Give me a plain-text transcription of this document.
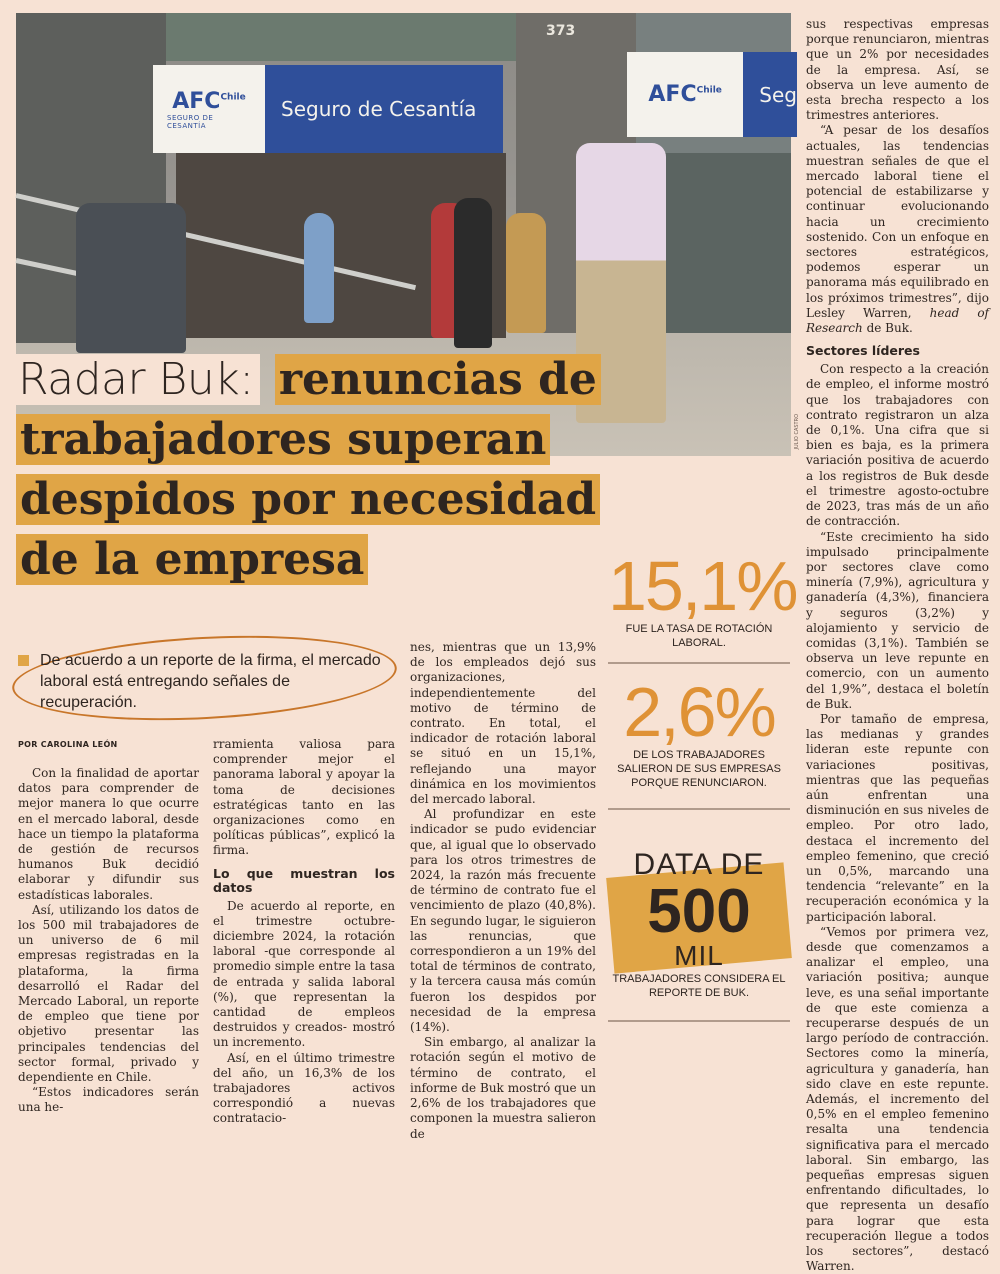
373
$AFC^{Chile}$
SEGURO DE CESANTÍA
Seguro de Cesantía
$AFC^{Chile}$	Seg
JULIO CASTRO
Radar Buk: renuncias de trabajadores superan despidos por necesidad de la empresa
De acuerdo a un reporte de la firma, el mercado laboral está entregando señales de recuperación.
POR CAROLINA LEÓN

Con la finalidad de aportar datos para comprender de mejor manera lo que ocurre en el mercado laboral, desde hace un tiempo la plataforma de gestión de recursos humanos Buk decidió elaborar y difundir sus estadísticas laborales.

Así, utilizando los datos de los 500 mil trabajadores de un universo de 6 mil empresas registradas en la plataforma, la firma desarrolló el Radar del Mercado Laboral, un reporte de empleo que tiene por objetivo presentar las principales tendencias del sector formal, privado y dependiente en Chile.

“Estos indicadores serán una he-

rramienta valiosa para comprender mejor el panorama laboral y apoyar la toma de decisiones estratégicas tanto en las organizaciones como en políticas públicas”, explicó la firma.

Lo que muestran los datos

De acuerdo al reporte, en el trimestre octubre-diciembre 2024, la rotación laboral -que corresponde al promedio simple entre la tasa de entrada y salida laboral (%), que representan la cantidad de empleos destruidos y creados- mostró un incremento.

Así, en el último trimestre del año, un 16,3% de los trabajadores activos correspondió a nuevas contratacio-

nes, mientras que un 13,9% de los empleados dejó sus organizaciones, independientemente del motivo de término de contrato. En total, el indicador de rotación laboral se situó en un 15,1%, reflejando una mayor dinámica en los movimientos del mercado laboral.

Al profundizar en este indicador se pudo evidenciar que, al igual que lo observado para los otros trimestres de 2024, la razón más frecuente de término de contrato fue el vencimiento de plazo (40,8%). En segundo lugar, le siguieron las renuncias, que correspondieron a un 19% del total de términos de contrato, y la tercera causa más común fueron los despidos por necesidad de la empresa (14%).

Sin embargo, al analizar la rotación según el motivo de término de contrato, el informe de Buk mostró que un 2,6% de los trabajadores que componen la muestra salieron de

sus respectivas empresas porque renunciaron, mientras que un 2% por necesidades de la empresa. Así, se observa un leve aumento de esta brecha respecto a los trimestres anteriores.

“A pesar de los desafíos actuales, las tendencias muestran señales de que el mercado laboral tiene el potencial de estabilizarse y continuar evolucionando hacia un crecimiento sostenido. Con un enfoque en sectores estratégicos, podemos esperar un panorama más equilibrado en los próximos trimestres”, dijo Lesley Warren, head of Research de Buk.

Sectores líderes

Con respecto a la creación de empleo, el informe mostró que los trabajadores con contrato registraron un alza de 0,1%. Una cifra que si bien es baja, es la primera variación positiva de acuerdo a los registros de Buk desde el trimestre agosto-octubre de 2023, tras más de un año de contracción.

“Este crecimiento ha sido impulsado principalmente por sectores clave como minería (7,9%), agricultura y ganadería (4,3%), financiera y seguros (3,2%) y alojamiento y servicio de comidas (3,1%). También se observa un leve repunte en comercio, con un aumento del 1,9%”, destaca el boletín de Buk.

Por tamaño de empresa, las medianas y grandes lideran este repunte con variaciones positivas, mientras que las pequeñas aún enfrentan una disminución en sus niveles de empleo. Por otro lado, destaca el incremento del empleo femenino, que creció un 0,5%, marcando una tendencia “relevante” en la recuperación económica y la participación laboral.

“Vemos por primera vez, desde que comenzamos a analizar el empleo, una variación positiva; aunque leve, es una señal importante de que este comienza a recuperarse después de un largo período de contracción. Sectores como la minería, agricultura y ganadería, han sido clave en este repunte. Además, el incremento del 0,5% en el empleo femenino resalta una tendencia significativa para el mercado laboral. Sin embargo, las pequeñas empresas siguen enfrentando dificultades, lo que representa un desafío para lograr que esta recuperación llegue a todos los sectores”, destacó Warren.

15,1%
FUE LA TASA DE ROTACIÓN LABORAL.
2,6%
DE LOS TRABAJADORES SALIERON DE SUS EMPRESAS PORQUE RENUNCIARON.
DATA DE
500
MIL
TRABAJADORES CONSIDERA EL REPORTE DE BUK.
